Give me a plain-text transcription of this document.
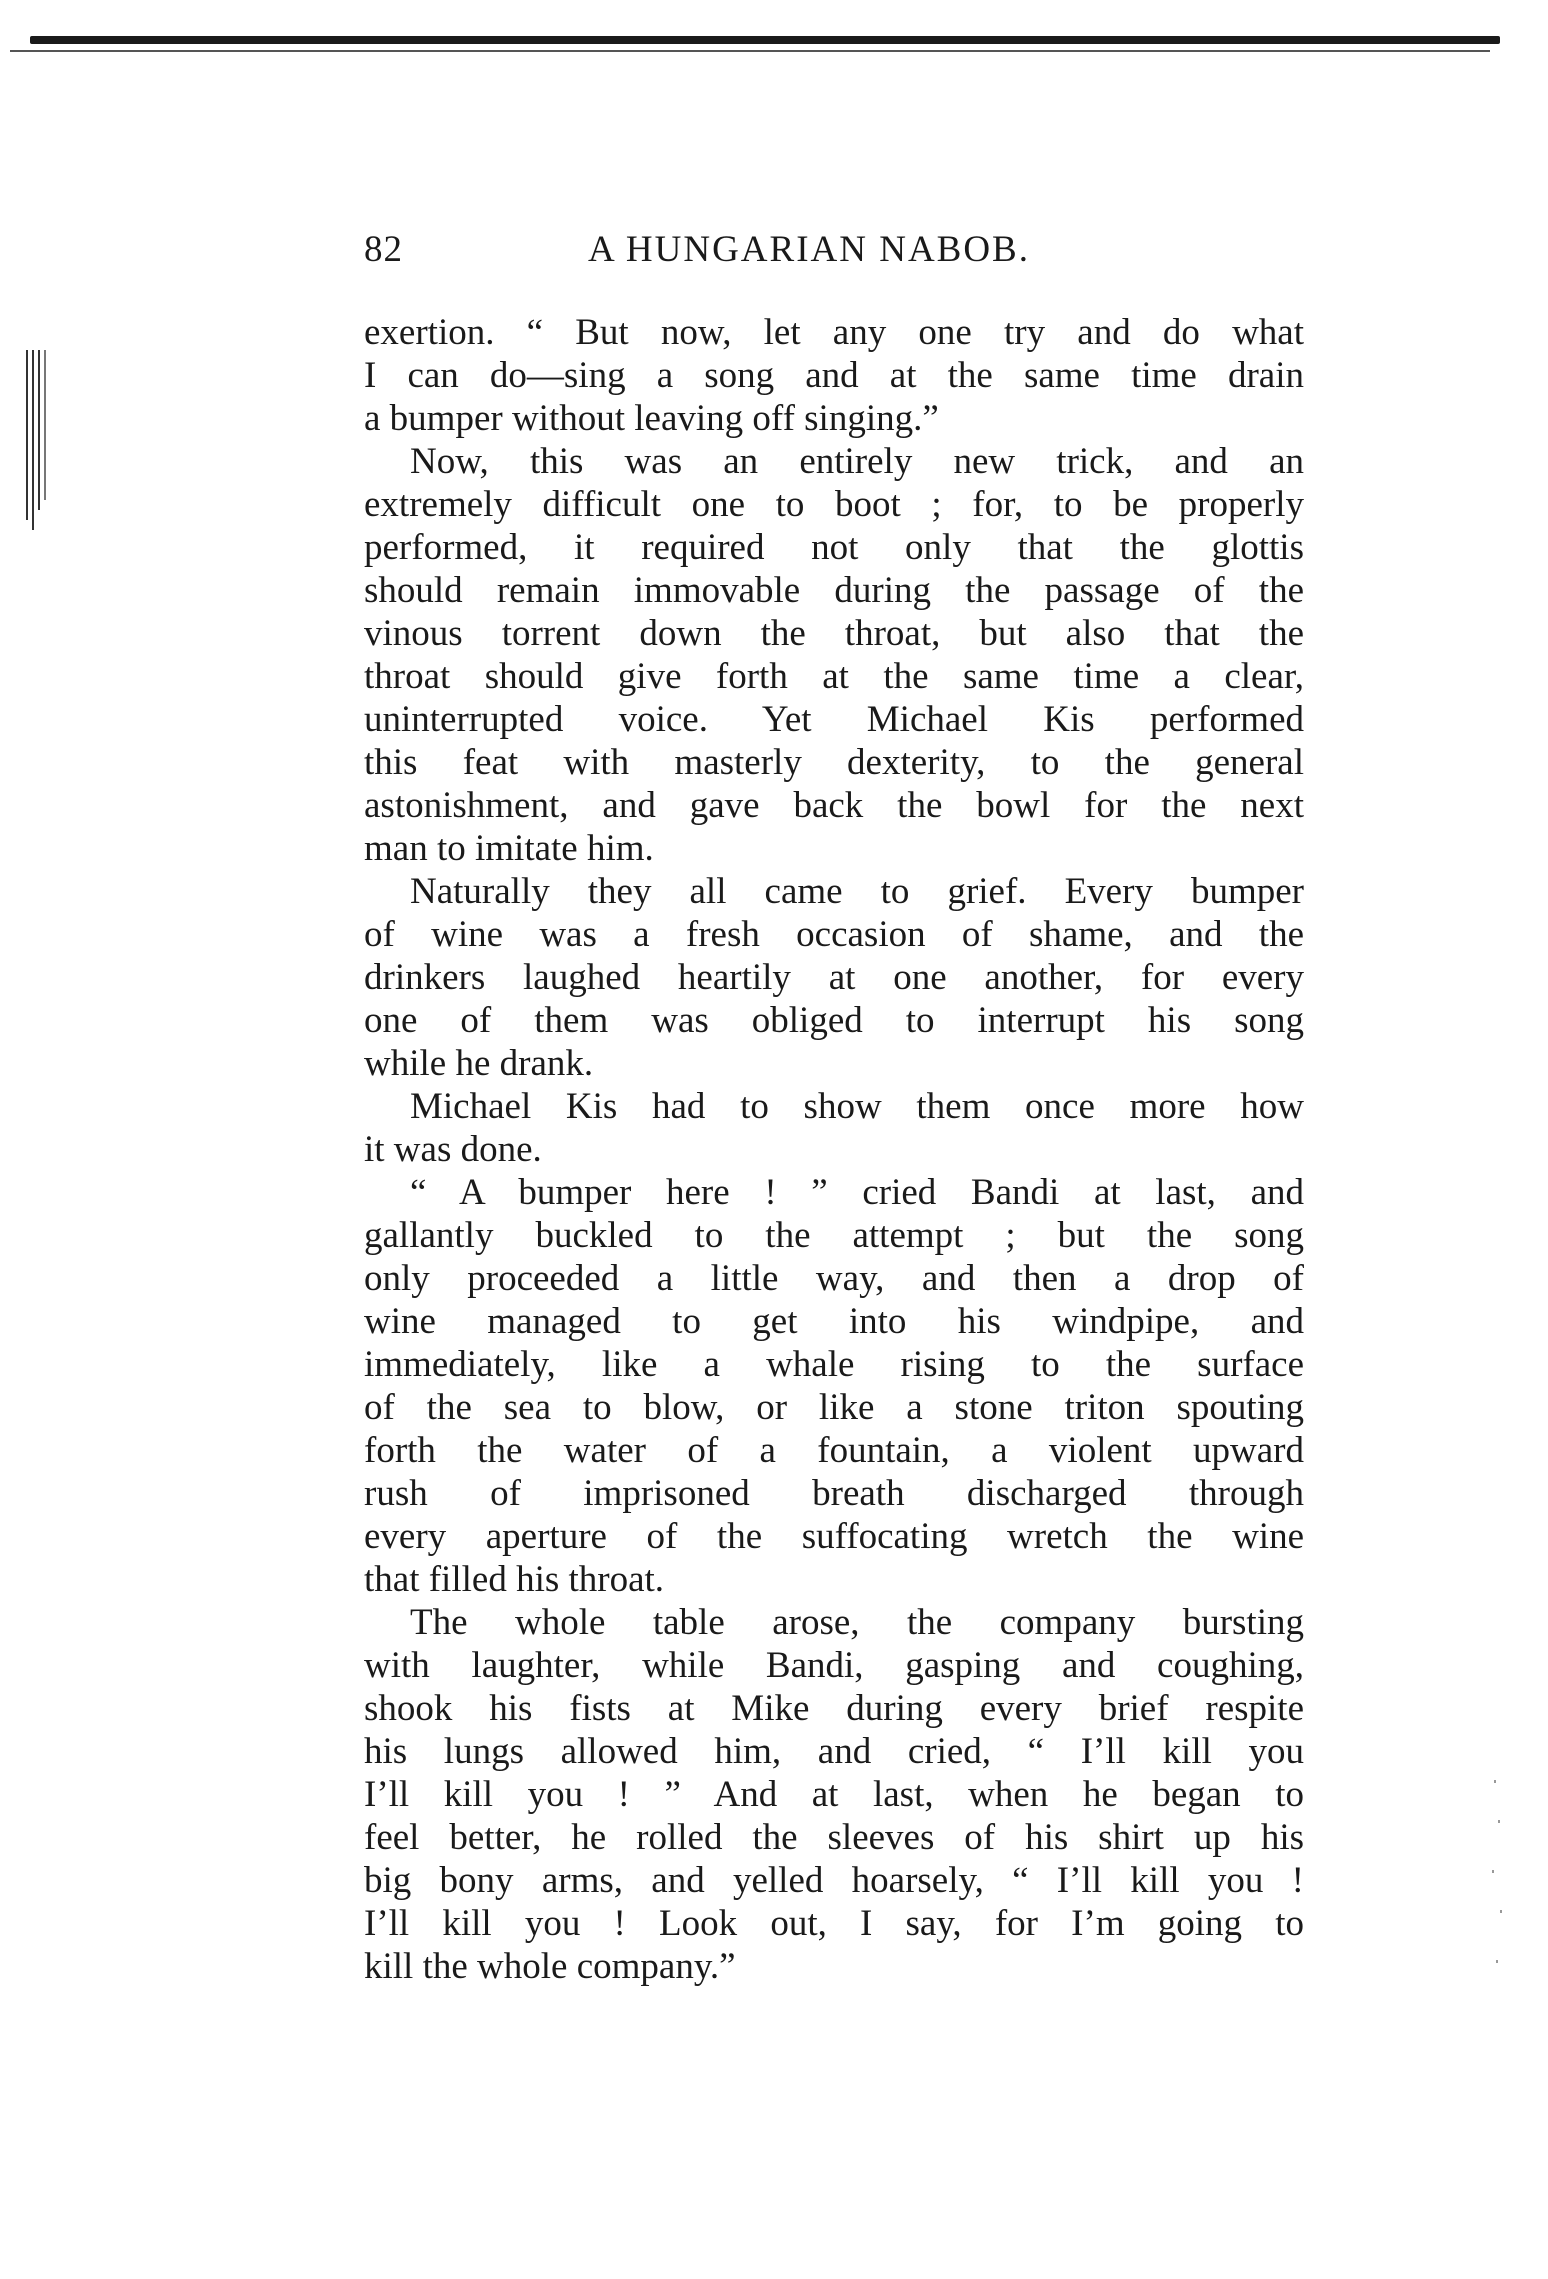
82	A HUNGARIAN NABOB.
exertion. “ But now, let any one try and do what
I can do—sing a song and at the same time drain
a bumper without leaving off singing.”
Now, this was an entirely new trick, and an
extremely difficult one to boot ; for, to be properly
performed, it required not only that the glottis
should remain immovable during the passage of the
vinous torrent down the throat, but also that the
throat should give forth at the same time a clear,
uninterrupted voice. Yet Michael Kis performed
this feat with masterly dexterity, to the general
astonishment, and gave back the bowl for the next
man to imitate him.
Naturally they all came to grief. Every bumper
of wine was a fresh occasion of shame, and the
drinkers laughed heartily at one another, for every
one of them was obliged to interrupt his song
while he drank.
Michael Kis had to show them once more how
it was done.
“ A bumper here ! ” cried Bandi at last, and
gallantly buckled to the attempt ; but the song
only proceeded a little way, and then a drop of
wine managed to get into his windpipe, and
immediately, like a whale rising to the surface
of the sea to blow, or like a stone triton spouting
forth the water of a fountain, a violent upward
rush of imprisoned breath discharged through
every aperture of the suffocating wretch the wine
that filled his throat.
The whole table arose, the company bursting
with laughter, while Bandi, gasping and coughing,
shook his fists at Mike during every brief respite
his lungs allowed him, and cried, “ I’ll kill you
I’ll kill you ! ” And at last, when he began to
feel better, he rolled the sleeves of his shirt up his
big bony arms, and yelled hoarsely, “ I’ll kill you !
I’ll kill you ! Look out, I say, for I’m going to
kill the whole company.”
